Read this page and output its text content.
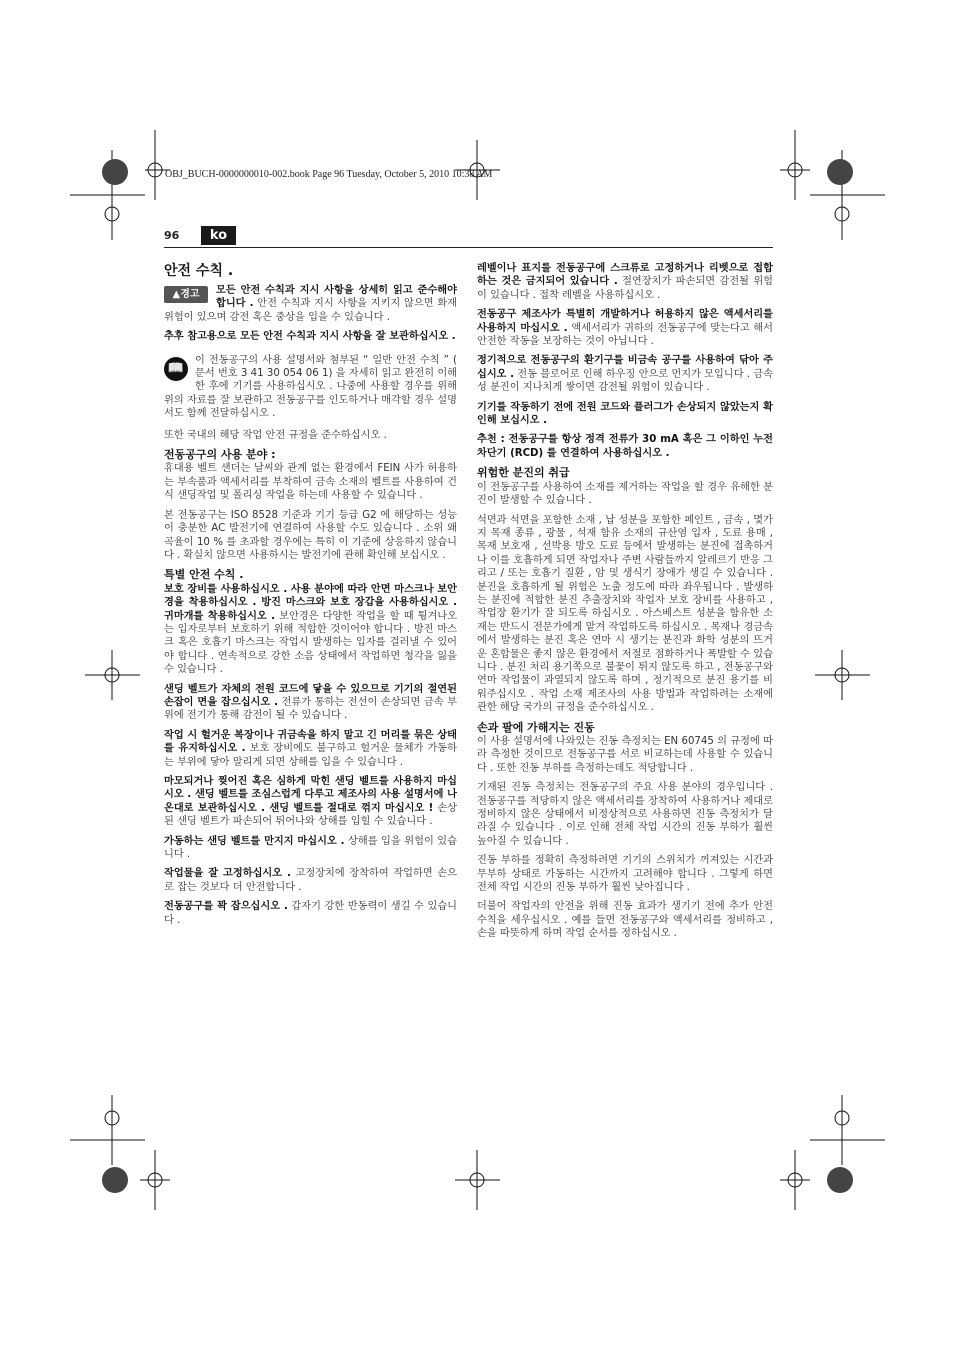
OBJ_BUCH-0000000010-002.book Page 96 Tuesday, October 5, 2010 10:38 AM
96	ko
안전 수칙 .

▲경고	모든 안전 수칙과 지시 사항을 상세히 읽고 준수해야 합니다 . 안전 수칙과 지시 사항을 지키지 않으면 화재 위험이 있으며 감전 혹은 중상을 입을 수 있습니다 .

추후 참고용으로 모든 안전 수칙과 지시 사항을 잘 보관하십시오 .

📖
이 전동공구의 사용 설명서와 첨부된 “ 일반 안전 수칙 ” ( 문서 번호 3 41 30 054 06 1) 을 자세히 읽고 완전히 이해한 후에 기기를 사용하십시오 . 나중에 사용할 경우를 위해 위의 자료를 잘 보관하고 전동공구를 인도하거나 매각할 경우 설명서도 함께 전달하십시오 .

또한 국내의 해당 작업 안전 규정을 준수하십시오 .

전동공구의 사용 분야 :

휴대용 벨트 샌더는 날씨와 관계 없는 환경에서 FEIN 사가 허용하는 부속품과 액세서리를 부착하여 금속 소재의 벨트를 사용하여 건식 샌딩작업 및 폴리싱 작업을 하는데 사용할 수 있습니다 .

본 전동공구는 ISO 8528 기준과 기기 등급 G2 에 해당하는 성능이 충분한 AC 발전기에 연결하여 사용할 수도 있습니다 . 소위 왜곡율이 10 % 를 초과할 경우에는 특히 이 기준에 상응하지 않습니다 . 확실치 않으면 사용하시는 발전기에 관해 확인해 보십시오 .

특별 안전 수칙 .

보호 장비를 사용하십시오 . 사용 분야에 따라 안면 마스크나 보안경을 착용하십시오 . 방진 마스크와 보호 장갑을 사용하십시오 . 귀마개를 착용하십시오 . 보안경은 다양한 작업을 할 때 튕겨나오는 입자로부터 보호하기 위해 적합한 것이어야 합니다 . 방진 마스크 혹은 호흡기 마스크는 작업시 발생하는 입자를 걸러낼 수 있어야 합니다 . 연속적으로 강한 소음 상태에서 작업하면 청각을 잃을 수 있습니다 .

샌딩 벨트가 자체의 전원 코드에 닿을 수 있으므로 기기의 절연된 손잡이 면을 잡으십시오 . 전류가 통하는 전선이 손상되면 금속 부위에 전기가 통해 감전이 될 수 있습니다 .

작업 시 헐거운 복장이나 귀금속을 하지 말고 긴 머리를 묶은 상태를 유지하십시오 . 보호 장비에도 불구하고 헐거운 물체가 가동하는 부위에 닿아 말리게 되면 상해를 입을 수 있습니다 .

마모되거나 찢어진 혹은 심하게 막힌 샌딩 벨트를 사용하지 마십시오 . 샌딩 벨트를 조심스럽게 다루고 제조사의 사용 설명서에 나온대로 보관하십시오 . 샌딩 벨트를 절대로 꺾지 마십시오 ! 손상된 샌딩 벨트가 파손되어 튀어나와 상해를 입힐 수 있습니다 .

가동하는 샌딩 벨트를 만지지 마십시오 . 상해를 입을 위험이 있습니다 .

작업물을 잘 고정하십시오 . 고정장치에 장착하여 작업하면 손으로 잡는 것보다 더 안전합니다 .

전동공구를 꽉 잡으십시오 . 갑자기 강한 반동력이 생길 수 있습니다 .

레벨이나 표지를 전동공구에 스크류로 고정하거나 리벳으로 접합하는 것은 금지되어 있습니다 . 절연장치가 파손되면 감전될 위험이 있습니다 . 접착 레벨을 사용하십시오 .

전동공구 제조사가 특별히 개발하거나 허용하지 않은 액세서리를 사용하지 마십시오 . 액세서리가 귀하의 전동공구에 맞는다고 해서 안전한 작동을 보장하는 것이 아닙니다 .

정기적으로 전동공구의 환기구를 비금속 공구를 사용하여 닦아 주십시오 . 전동 블로어로 인해 하우징 안으로 먼지가 모입니다 . 금속성 분진이 지나치게 쌓이면 감전될 위험이 있습니다 .

기기를 작동하기 전에 전원 코드와 플러그가 손상되지 않았는지 확인해 보십시오 .

추천 : 전동공구를 항상 정격 전류가 30 mA 혹은 그 이하인 누전 차단기 (RCD) 를 연결하여 사용하십시오 .

위험한 분진의 취급

이 전동공구를 사용하여 소재를 제거하는 작업을 할 경우 유해한 분진이 발생할 수 있습니다 .

석면과 석면을 포함한 소재 , 납 성분을 포함한 페인트 , 금속 , 몇가지 목재 종류 , 광물 , 석재 함유 소재의 규산염 입자 , 도료 용매 , 목재 보호재 , 선박용 방오 도료 등에서 발생하는 분진에 접촉하거나 이를 호흡하게 되면 작업자나 주변 사람들까지 알레르기 반응 그리고 / 또는 호흡기 질환 , 암 및 생식기 장애가 생길 수 있습니다 . 분진을 호흡하게 될 위험은 노출 정도에 따라 좌우됩니다 . 발생하는 분진에 적합한 분진 추출장치와 작업자 보호 장비를 사용하고 , 작업장 환기가 잘 되도록 하십시오 . 아스베스트 성분을 함유한 소재는 반드시 전문가에게 맡겨 작업하도록 하십시오 . 목재나 경금속에서 발생하는 분진 혹은 연마 시 생기는 분진과 화학 성분의 뜨거운 혼합물은 좋지 않은 환경에서 저절로 점화하거나 폭발할 수 있습니다 . 분진 처리 용기쪽으로 불꽃이 튀지 않도록 하고 , 전동공구와 연마 작업물이 과열되지 않도록 하며 , 정기적으로 분진 용기를 비워주십시오 . 작업 소재 제조사의 사용 방법과 작업하려는 소재에 관한 해당 국가의 규정을 준수하십시오 .

손과 팔에 가해지는 진동

이 사용 설명서에 나와있는 진동 측정치는 EN 60745 의 규정에 따라 측정한 것이므로 전동공구를 서로 비교하는데 사용할 수 있습니다 . 또한 진동 부하를 측정하는데도 적당합니다 .

기재된 진동 측정치는 전동공구의 주요 사용 분야의 경우입니다 . 전동공구를 적당하지 않은 액세서리를 장착하여 사용하거나 제대로 정비하지 않은 상태에서 비정상적으로 사용하면 진동 측정치가 달라질 수 있습니다 . 이로 인해 전체 작업 시간의 진동 부하가 훨씬 높아질 수 있습니다 .

진동 부하를 정확히 측정하려면 기기의 스위치가 꺼져있는 시간과 무부하 상태로 가동하는 시간까지 고려해야 합니다 . 그렇게 하면 전체 작업 시간의 진동 부하가 훨씬 낮아집니다 .

더불어 작업자의 안전을 위해 진동 효과가 생기기 전에 추가 안전 수칙을 세우십시오 . 예를 들면 전동공구와 액세서리를 정비하고 , 손을 따뜻하게 하며 작업 순서를 정하십시오 .
